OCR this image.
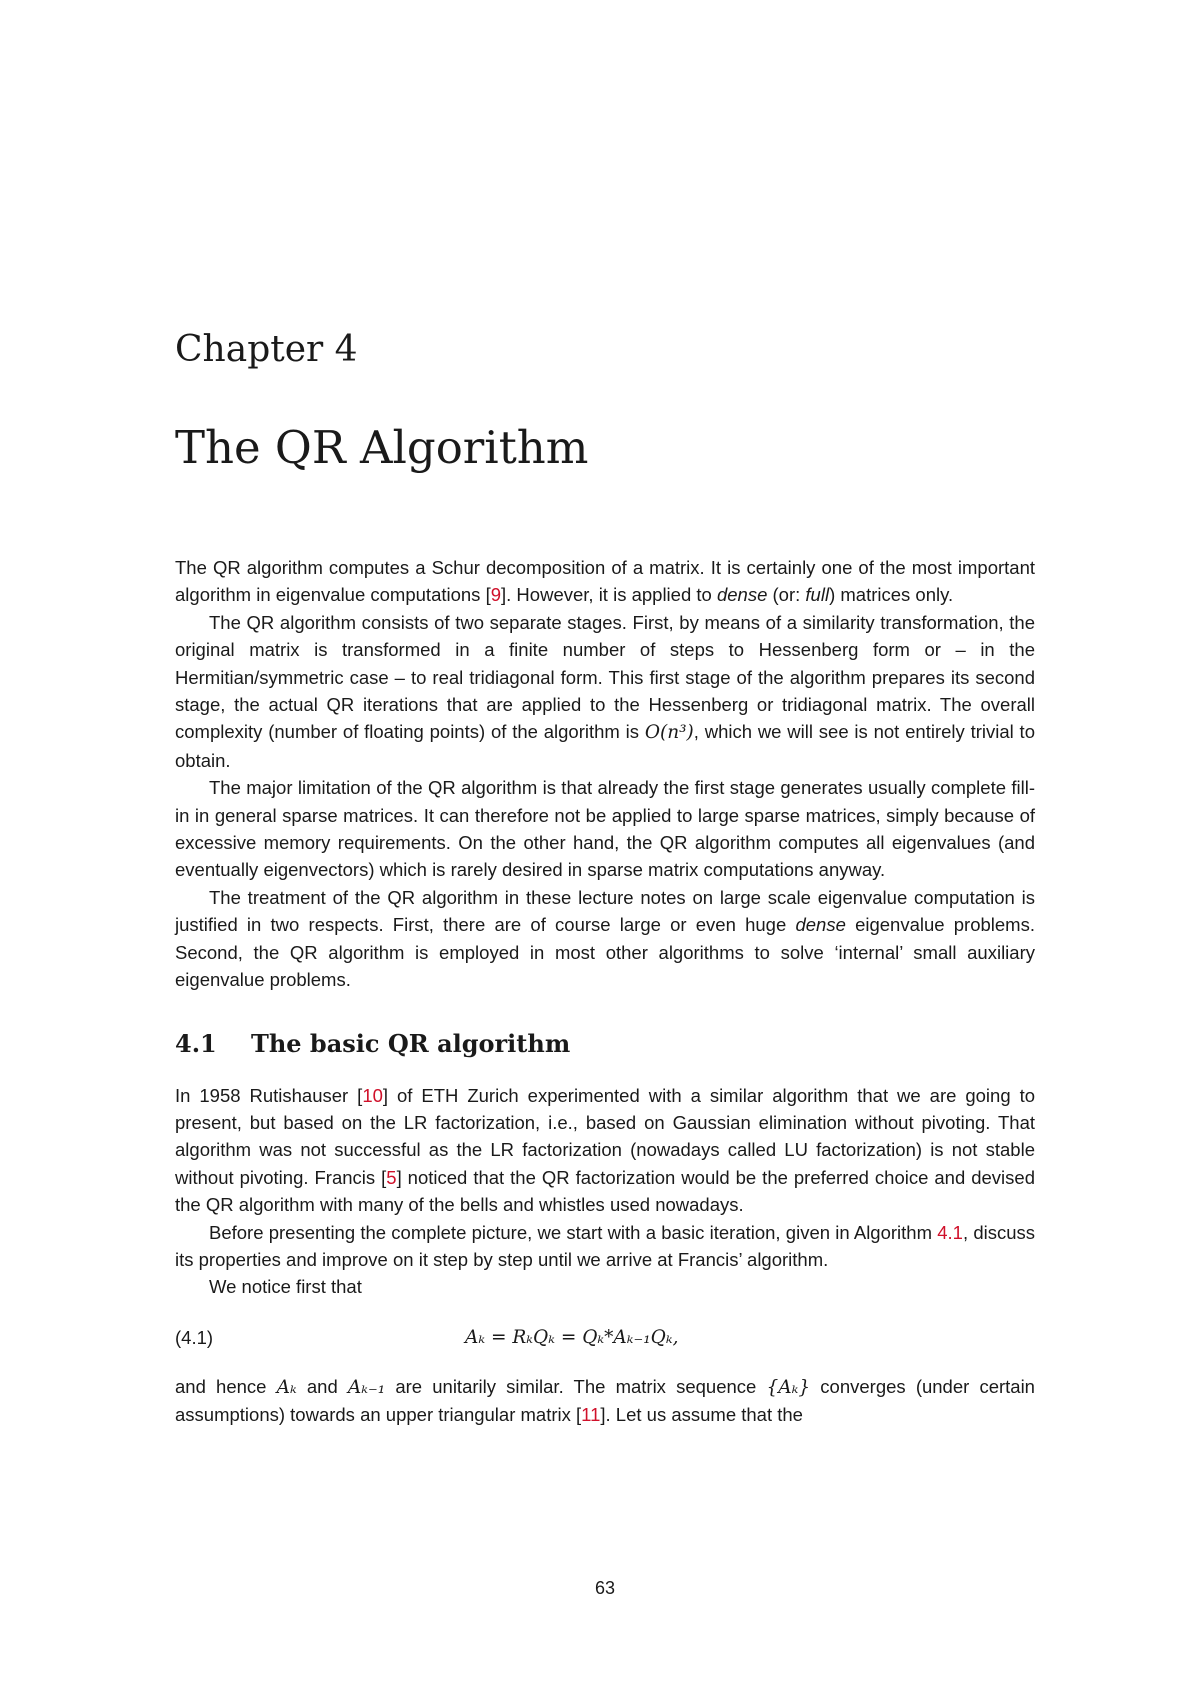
Chapter 4
The QR Algorithm

The QR algorithm computes a Schur decomposition of a matrix. It is certainly one of the most important algorithm in eigenvalue computations [9]. However, it is applied to dense (or: full) matrices only.

The QR algorithm consists of two separate stages. First, by means of a similarity transformation, the original matrix is transformed in a finite number of steps to Hessenberg form or – in the Hermitian/symmetric case – to real tridiagonal form. This first stage of the algorithm prepares its second stage, the actual QR iterations that are applied to the Hessenberg or tridiagonal matrix. The overall complexity (number of floating points) of the algorithm is O(n³), which we will see is not entirely trivial to obtain.

The major limitation of the QR algorithm is that already the first stage generates usually complete fill-in in general sparse matrices. It can therefore not be applied to large sparse matrices, simply because of excessive memory requirements. On the other hand, the QR algorithm computes all eigenvalues (and eventually eigenvectors) which is rarely desired in sparse matrix computations anyway.

The treatment of the QR algorithm in these lecture notes on large scale eigenvalue computation is justified in two respects. First, there are of course large or even huge dense eigenvalue problems. Second, the QR algorithm is employed in most other algorithms to solve ‘internal’ small auxiliary eigenvalue problems.

4.1 The basic QR algorithm

In 1958 Rutishauser [10] of ETH Zurich experimented with a similar algorithm that we are going to present, but based on the LR factorization, i.e., based on Gaussian elimination without pivoting. That algorithm was not successful as the LR factorization (nowadays called LU factorization) is not stable without pivoting. Francis [5] noticed that the QR factorization would be the preferred choice and devised the QR algorithm with many of the bells and whistles used nowadays.

Before presenting the complete picture, we start with a basic iteration, given in Algorithm 4.1, discuss its properties and improve on it step by step until we arrive at Francis’ algorithm.

We notice first that

(4.1)	Aₖ = RₖQₖ = Qₖ*Aₖ₋₁Qₖ,

and hence Aₖ and Aₖ₋₁ are unitarily similar. The matrix sequence {Aₖ} converges (under certain assumptions) towards an upper triangular matrix [11]. Let us assume that the

63
